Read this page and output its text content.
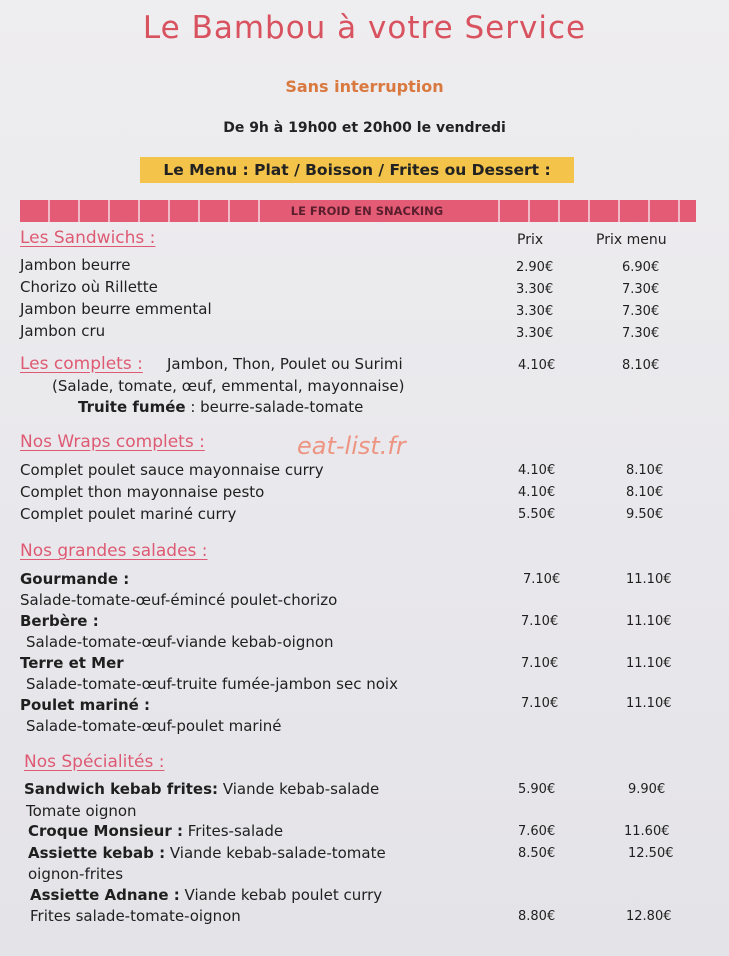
Le Bambou à votre Service
Sans interruption
De 9h à 19h00 et 20h00 le vendredi
Le Menu : Plat / Boisson / Frites ou Dessert :
LE FROID EN SNACKING
Prix	Prix menu
Les Sandwichs :
Jambon beurre	2.90€	6.90€
Chorizo où Rillette	3.30€	7.30€
Jambon beurre emmental	3.30€	7.30€
Jambon cru	3.30€	7.30€
Les complets : Jambon, Thon, Poulet ou Surimi	4.10€	8.10€
(Salade, tomate, œuf, emmental, mayonnaise)
Truite fumée : beurre-salade-tomate
eat-list.fr
Nos Wraps complets :
Complet poulet sauce mayonnaise curry	4.10€	8.10€
Complet thon mayonnaise pesto	4.10€	8.10€
Complet poulet mariné curry	5.50€	9.50€
Nos grandes salades :
Gourmande :	7.10€	11.10€
Salade-tomate-œuf-émincé poulet-chorizo
Berbère :	7.10€	11.10€
Salade-tomate-œuf-viande kebab-oignon
Terre et Mer	7.10€	11.10€
Salade-tomate-œuf-truite fumée-jambon sec noix
Poulet mariné :	7.10€	11.10€
Salade-tomate-œuf-poulet mariné
Nos Spécialités :
Sandwich kebab frites: Viande kebab-salade	5.90€	9.90€
Tomate oignon
Croque Monsieur : Frites-salade	7.60€	11.60€
Assiette kebab : Viande kebab-salade-tomate	8.50€	12.50€
oignon-frites
Assiette Adnane : Viande kebab poulet curry
Frites salade-tomate-oignon	8.80€	12.80€
